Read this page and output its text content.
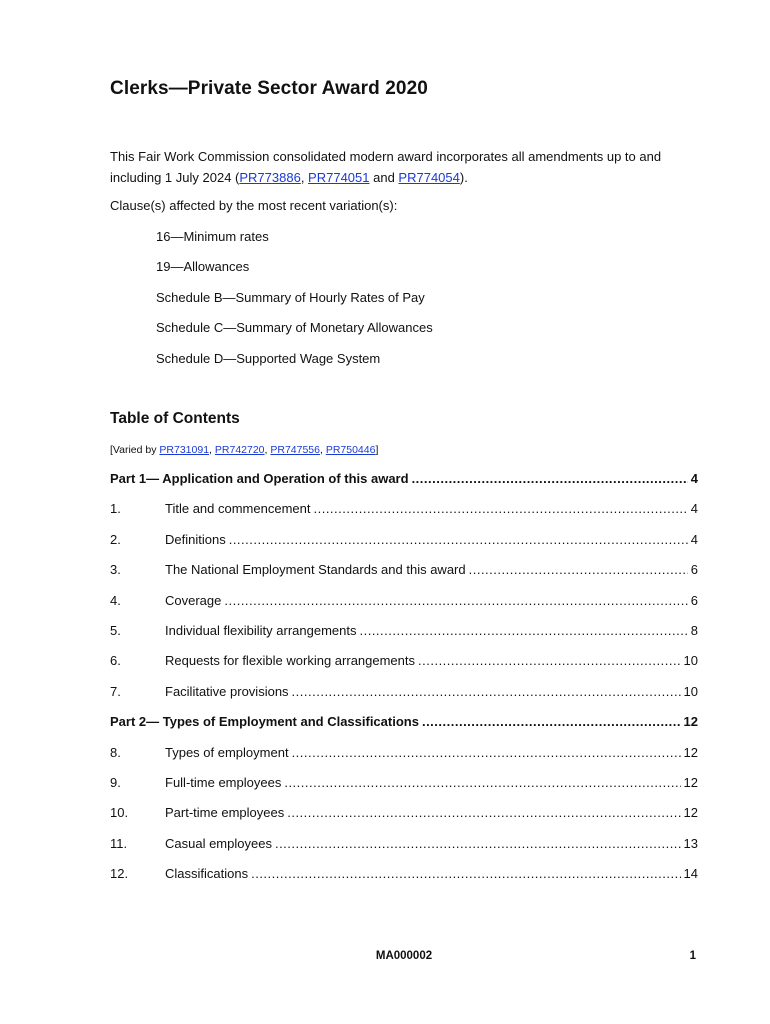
Clerks—Private Sector Award 2020
This Fair Work Commission consolidated modern award incorporates all amendments up to and including 1 July 2024 (PR773886, PR774051 and PR774054).
Clause(s) affected by the most recent variation(s):
16—Minimum rates
19—Allowances
Schedule B—Summary of Hourly Rates of Pay
Schedule C—Summary of Monetary Allowances
Schedule D—Supported Wage System
Table of Contents
[Varied by PR731091, PR742720, PR747556, PR750446]
Part 1— Application and Operation of this award .....	4
1.	Title and commencement .....	4
2.	Definitions .....	4
3.	The National Employment Standards and this award .....	6
4.	Coverage .....	6
5.	Individual flexibility arrangements .....	8
6.	Requests for flexible working arrangements .....	10
7.	Facilitative provisions .....	10
Part 2— Types of Employment and Classifications .....	12
8.	Types of employment .....	12
9.	Full-time employees .....	12
10.	Part-time employees .....	12
11.	Casual employees .....	13
12.	Classifications .....	14
MA000002	1
